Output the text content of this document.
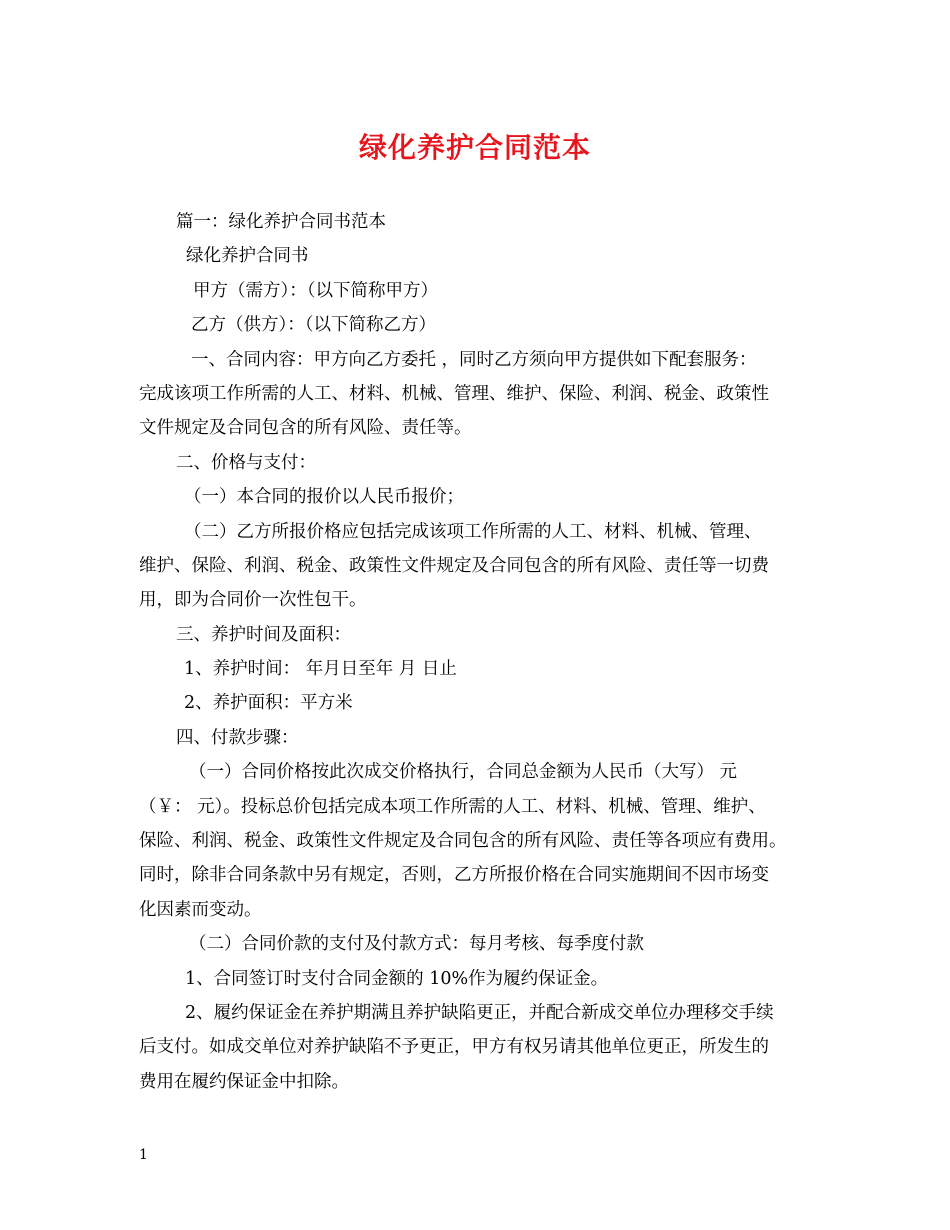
绿化养护合同范本
篇一：绿化养护合同书范本
绿化养护合同书
甲方（需方）：（以下简称甲方）
乙方（供方）：（以下简称乙方）
一、合同内容：甲方向乙方委托 ，同时乙方须向甲方提供如下配套服务：
完成该项工作所需的人工、材料、机械、管理、维护、保险、利润、税金、政策性
文件规定及合同包含的所有风险、责任等。
二、价格与支付：
（一）本合同的报价以人民币报价；
（二）乙方所报价格应包括完成该项工作所需的人工、材料、机械、管理、
维护、保险、利润、税金、政策性文件规定及合同包含的所有风险、责任等一切费
用，即为合同价一次性包干。
三、养护时间及面积：
1、养护时间： 年月日至年 月 日止
2、养护面积：平方米
四、付款步骤：
（一）合同价格按此次成交价格执行，合同总金额为人民币（大写） 元
（￥： 元）。投标总价包括完成本项工作所需的人工、材料、机械、管理、维护、
保险、利润、税金、政策性文件规定及合同包含的所有风险、责任等各项应有费用。
同时，除非合同条款中另有规定，否则，乙方所报价格在合同实施期间不因市场变
化因素而变动。
（二）合同价款的支付及付款方式：每月考核、每季度付款
1、合同签订时支付合同金额的 10%作为履约保证金。
2、履约保证金在养护期满且养护缺陷更正，并配合新成交单位办理移交手续
后支付。如成交单位对养护缺陷不予更正，甲方有权另请其他单位更正，所发生的
费用在履约保证金中扣除。
1
